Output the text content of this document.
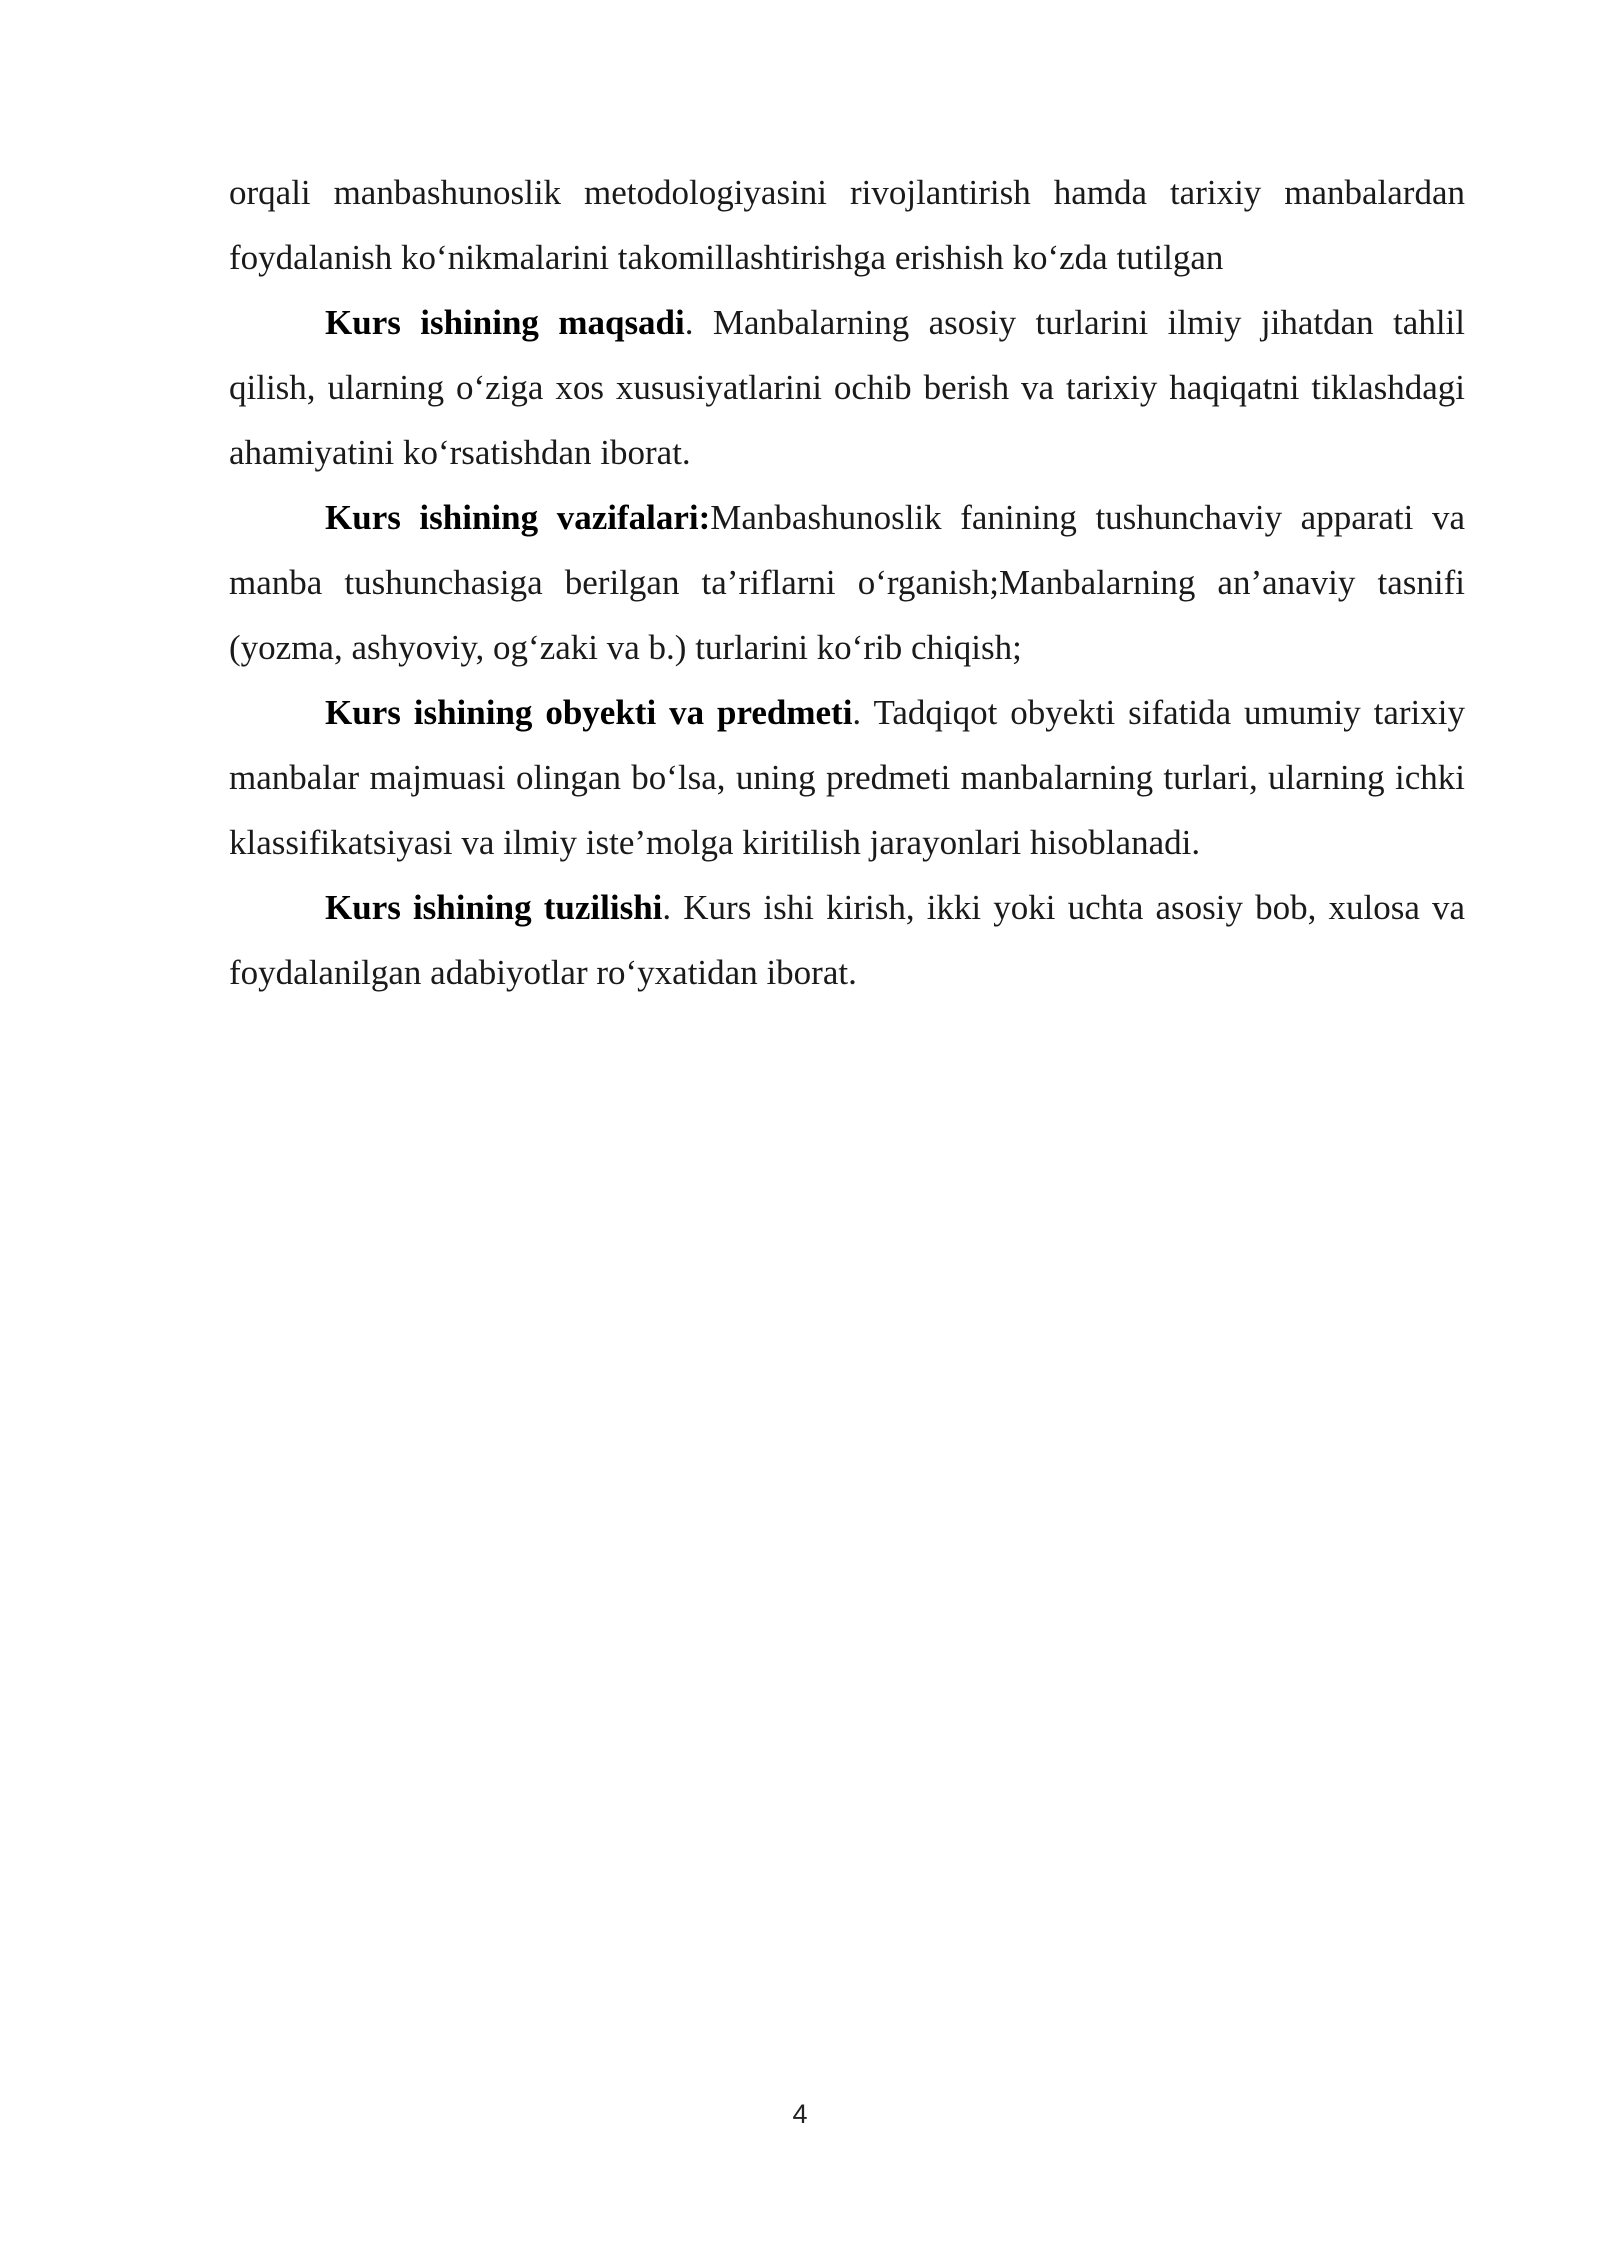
orqali manbashunoslik metodologiyasini rivojlantirish hamda tarixiy manbalardan foydalanish ko‘nikmalarini takomillashtirishga erishish ko‘zda tutilgan

Kurs ishining maqsadi. Manbalarning asosiy turlarini ilmiy jihatdan tahlil qilish, ularning o‘ziga xos xususiyatlarini ochib berish va tarixiy haqiqatni tiklashdagi ahamiyatini ko‘rsatishdan iborat.

Kurs ishining vazifalari:Manbashunoslik fanining tushunchaviy apparati va manba tushunchasiga berilgan ta’riflarni o‘rganish;Manbalarning an’anaviy tasnifi (yozma, ashyoviy, og‘zaki va b.) turlarini ko‘rib chiqish;

Kurs ishining obyekti va predmeti. Tadqiqot obyekti sifatida umumiy tarixiy manbalar majmuasi olingan bo‘lsa, uning predmeti manbalarning turlari, ularning ichki klassifikatsiyasi va ilmiy iste’molga kiritilish jarayonlari hisoblanadi.

Kurs ishining tuzilishi. Kurs ishi kirish, ikki yoki uchta asosiy bob, xulosa va foydalanilgan adabiyotlar ro‘yxatidan iborat.

4
